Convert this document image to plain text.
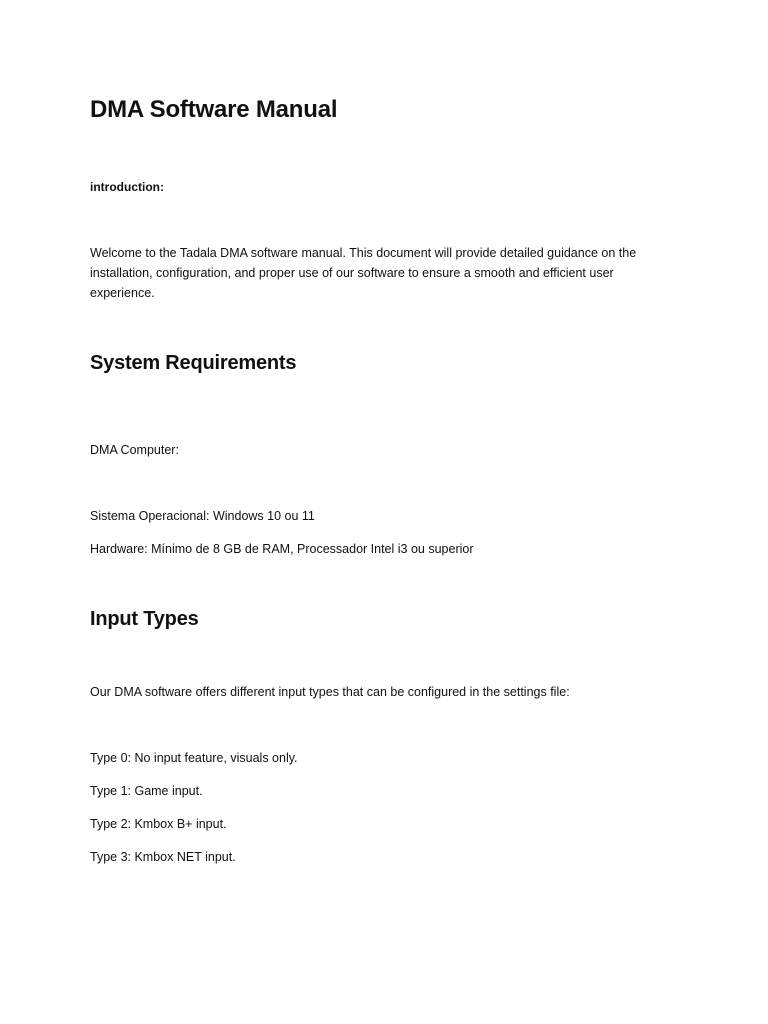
DMA Software Manual
introduction:
Welcome to the Tadala DMA software manual. This document will provide detailed guidance on the installation, configuration, and proper use of our software to ensure a smooth and efficient user experience.
System Requirements
DMA Computer:
Sistema Operacional: Windows 10 ou 11
Hardware: Mínimo de 8 GB de RAM, Processador Intel i3 ou superior
Input Types
Our DMA software offers different input types that can be configured in the settings file:
Type 0: No input feature, visuals only.
Type 1: Game input.
Type 2: Kmbox B+ input.
Type 3: Kmbox NET input.
